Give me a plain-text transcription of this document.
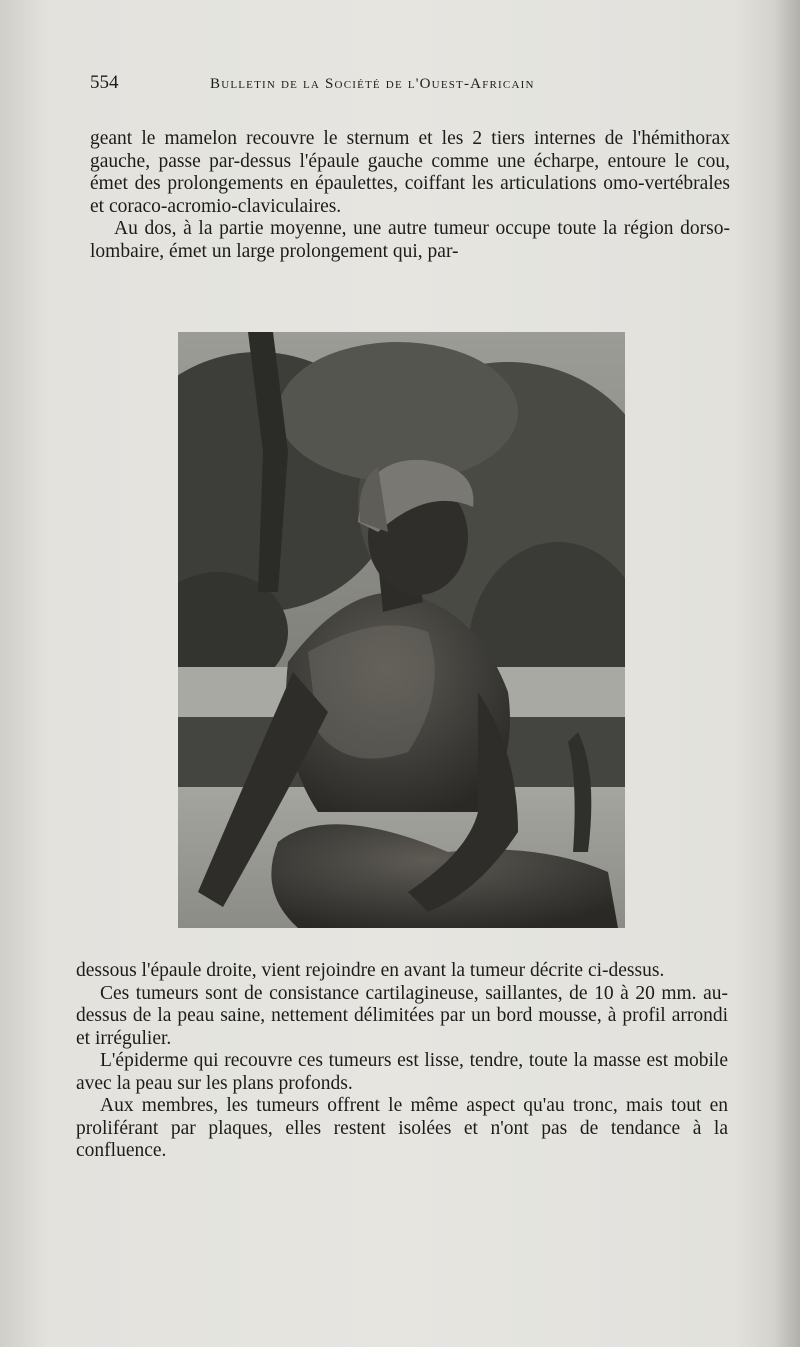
554	Bulletin de la Société de l'Ouest-Africain

geant le mamelon recouvre le sternum et les 2 tiers internes de l'hémithorax gauche, passe par-dessus l'épaule gauche comme une écharpe, entoure le cou, émet des prolongements en épaulettes, coiffant les articulations omo-vertébrales et coraco-acromio-claviculaires.

Au dos, à la partie moyenne, une autre tumeur occupe toute la région dorso-lombaire, émet un large prolongement qui, par-

dessous l'épaule droite, vient rejoindre en avant la tumeur décrite ci-dessus.

Ces tumeurs sont de consistance cartilagineuse, saillantes, de 10 à 20 mm. au-dessus de la peau saine, nettement délimitées par un bord mousse, à profil arrondi et irrégulier.

L'épiderme qui recouvre ces tumeurs est lisse, tendre, toute la masse est mobile avec la peau sur les plans profonds.

Aux membres, les tumeurs offrent le même aspect qu'au tronc, mais tout en proliférant par plaques, elles restent isolées et n'ont pas de tendance à la confluence.
